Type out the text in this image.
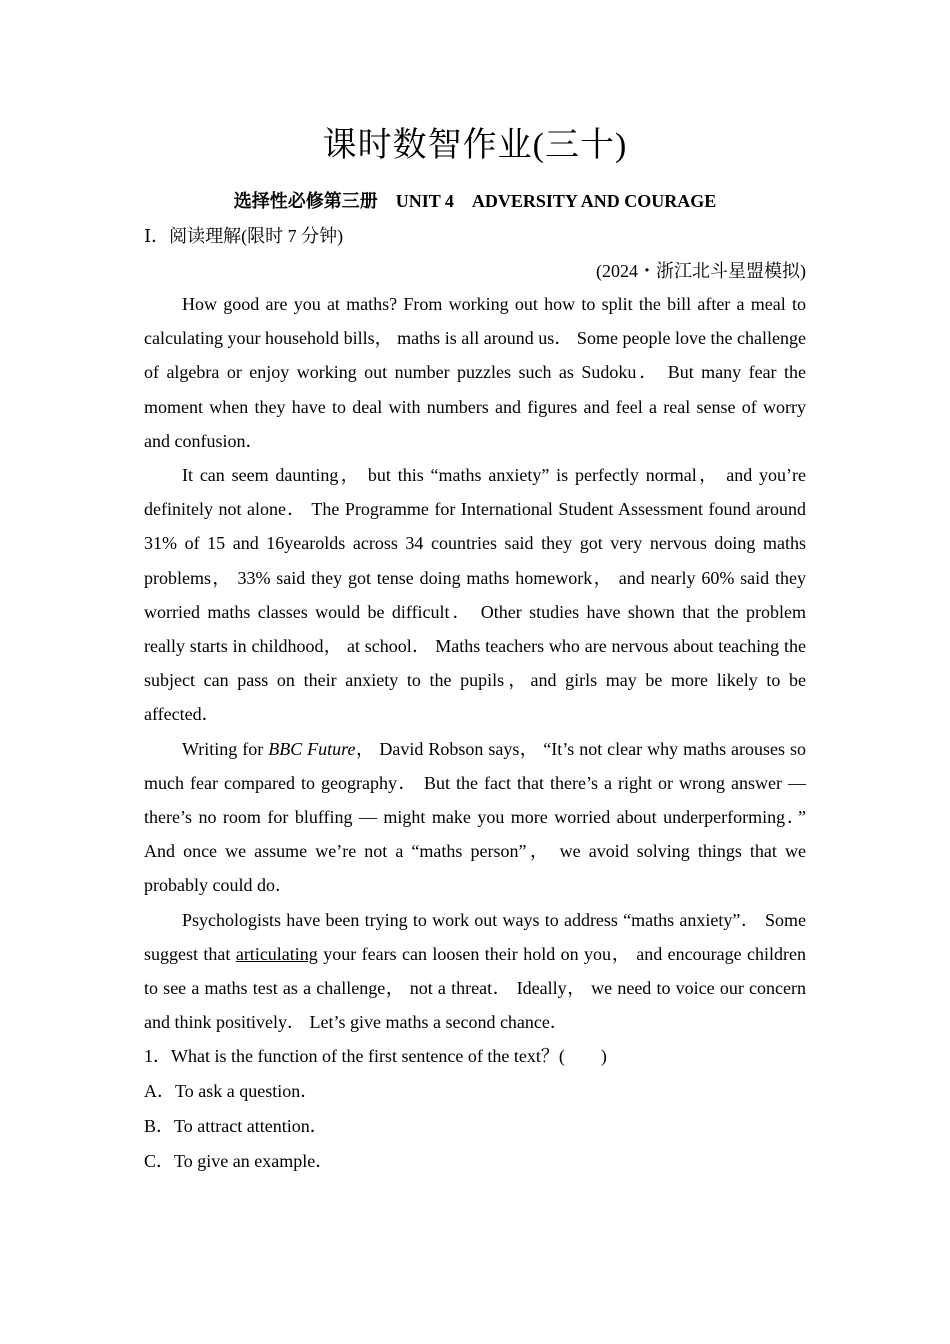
课时数智作业(三十)
选择性必修第三册　UNIT 4　ADVERSITY AND COURAGE
Ⅰ．阅读理解(限时 7 分钟)
(2024・浙江北斗星盟模拟)

How good are you at maths? From working out how to split the bill after a meal to calculating your household bills， maths is all around us． Some people love the challenge of algebra or enjoy working out number puzzles such as Sudoku． But many fear the moment when they have to deal with numbers and figures and feel a real sense of worry and confusion．

It can seem daunting， but this “maths anxiety” is perfectly normal， and you’re definitely not alone． The Programme for International Student Assessment found around 31% of 15 and 16yearolds across 34 countries said they got very nervous doing maths problems， 33% said they got tense doing maths homework， and nearly 60% said they worried maths classes would be difficult． Other studies have shown that the problem really starts in childhood， at school． Maths teachers who are nervous about teaching the subject can pass on their anxiety to the pupils，and girls may be more likely to be affected．

Writing for BBC Future， David Robson says， “It’s not clear why maths arouses so much fear compared to geography． But the fact that there’s a right or wrong answer — there’s no room for bluffing — might make you more worried about underperforming．” And once we assume we’re not a “maths person”， we avoid solving things that we probably could do．

Psychologists have been trying to work out ways to address “maths anxiety”． Some suggest that articulating your fears can loosen their hold on you， and encourage children to see a maths test as a challenge， not a threat． Ideally， we need to voice our concern and think positively． Let’s give maths a second chance．

1．What is the function of the first sentence of the text？(　　)

A．To ask a question．

B．To attract attention．

C．To give an example．
